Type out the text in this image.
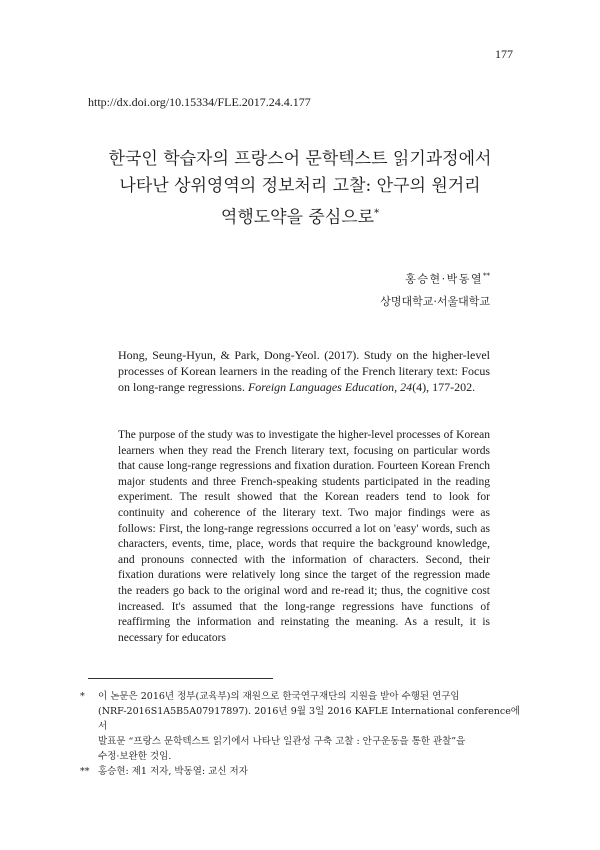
177
http://dx.doi.org/10.15334/FLE.2017.24.4.177
한국인 학습자의 프랑스어 문학텍스트 읽기과정에서
나타난 상위영역의 정보처리 고찰: 안구의 원거리
역행도약을 중심으로*
홍승현·박동열**
상명대학교·서울대학교

Hong, Seung-Hyun, & Park, Dong-Yeol. (2017). Study on the higher-level processes of Korean learners in the reading of the French literary text: Focus on long-range regressions. Foreign Languages Education, 24(4), 177-202.

The purpose of the study was to investigate the higher-level processes of Korean learners when they read the French literary text, focusing on particular words that cause long-range regressions and fixation duration. Fourteen Korean French major students and three French-speaking students participated in the reading experiment. The result showed that the Korean readers tend to look for continuity and coherence of the literary text. Two major findings were as follows: First, the long-range regressions occurred a lot on 'easy' words, such as characters, events, time, place, words that require the background knowledge, and pronouns connected with the information of characters. Second, their fixation durations were relatively long since the target of the regression made the readers go back to the original word and re-read it; thus, the cognitive cost increased. It's assumed that the long-range regressions have functions of reaffirming the information and reinstating the meaning. As a result, it is necessary for educators

*	이 논문은 2016년 정부(교육부)의 재원으로 한국연구재단의 지원을 받아 수행된 연구임
(NRF-2016S1A5B5A07917897). 2016년 9월 3일 2016 KAFLE International conference에서
발표문 “프랑스 문학텍스트 읽기에서 나타난 일관성 구축 고찰 : 안구운동을 통한 관찰”을
수정·보완한 것임.
** 홍승현: 제1 저자, 박동열: 교신 저자
